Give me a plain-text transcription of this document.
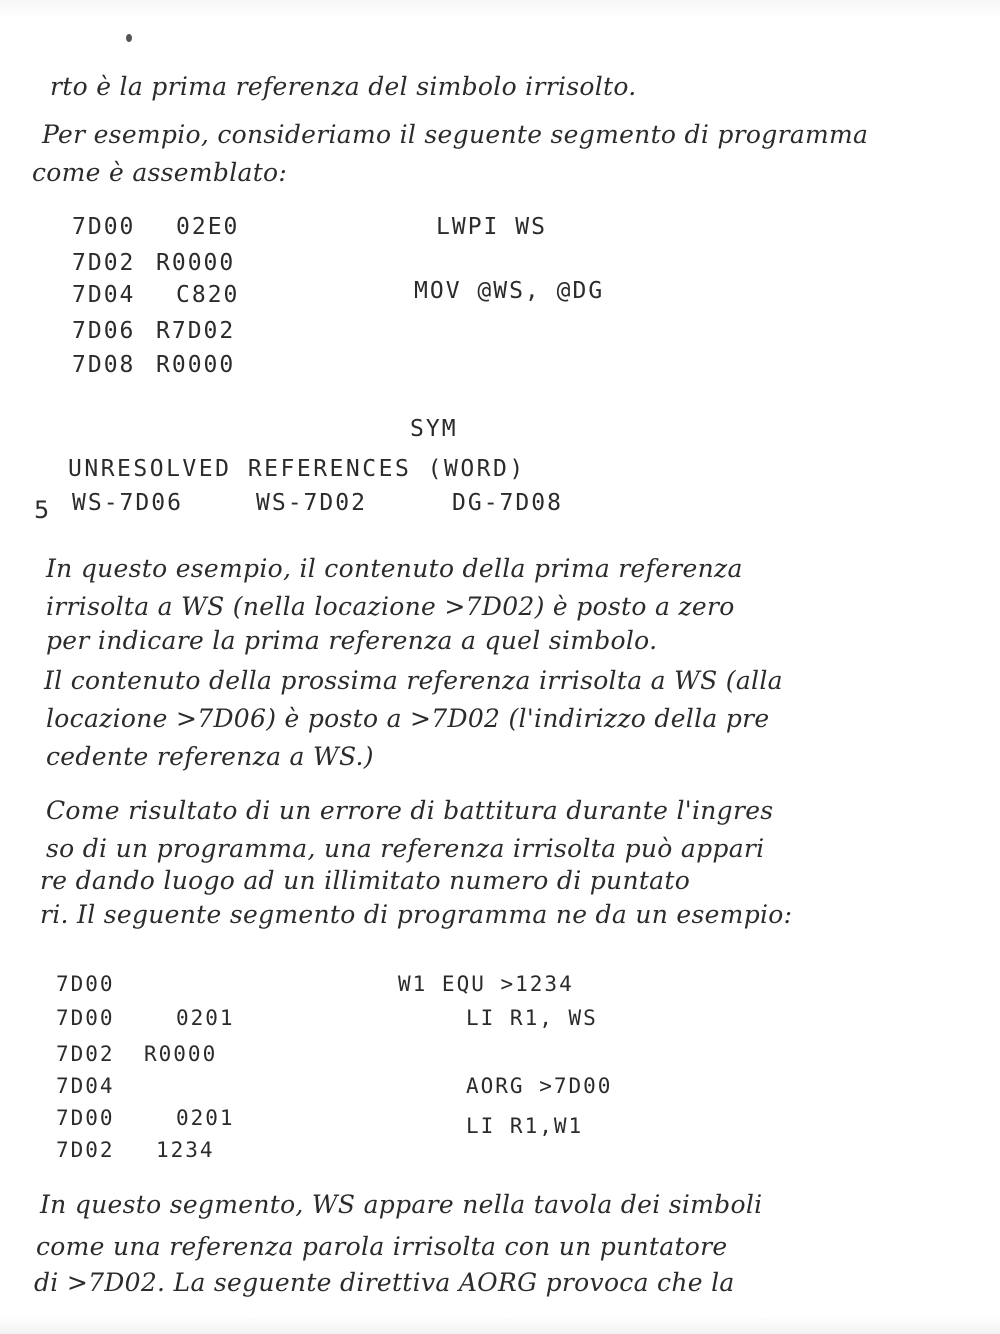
rto è la prima referenza del simbolo irrisolto.
Per esempio, consideriamo il seguente segmento di programma
come è assemblato:
7D00 02E0	LWPI WS
7D02 R0000
7D04 C820	MOV @WS, @DG
7D06 R7D02
7D08 R0000
SYM
UNRESOLVED REFERENCES (WORD)
5 WS-7D06	WS-7D02	DG-7D08
In questo esempio, il contenuto della prima referenza
irrisolta a WS (nella locazione >7D02) è posto a zero
per indicare la prima referenza a quel simbolo.
Il contenuto della prossima referenza irrisolta a WS (alla
locazione >7D06) è posto a >7D02 (l'indirizzo della pre
cedente referenza a WS.)
Come risultato di un errore di battitura durante l'ingres
so di un programma, una referenza irrisolta può appari
re dando luogo ad un illimitato numero di puntato
ri. Il seguente segmento di programma ne da un esempio:
7D00	W1 EQU >1234
7D00	0201	LI R1, WS
7D02 R0000
7D04	AORG >7D00
7D00	0201	LI R1,W1
7D02 1234
In questo segmento, WS appare nella tavola dei simboli
come una referenza parola irrisolta con un puntatore
di >7D02. La seguente direttiva AORG provoca che la
